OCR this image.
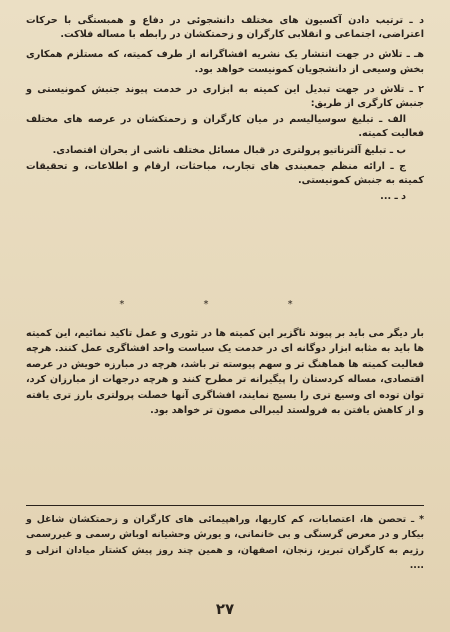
د ـ ترتیب دادن آکسیون های مختلف دانشجوئی در دفاع و همبستگی با حرکات اعتراضی، اجتماعی و انقلابی کارگران و زحمتکشان در رابطه با مساله فلاکت.

هـ ـ تلاش در جهت انتشار یک نشریه افشاگرانه از طرف کمیته، که مستلزم همکاری بخش وسیعی از دانشجویان کمونیست خواهد بود.

۲ ـ تلاش در جهت تبدیل این کمیته به ابزاری در خدمت پیوند جنبش کمونیستی و جنبش کارگری از طریق:

الف ـ تبلیغ سوسیالیسم در میان کارگران و زحمتکشان در عرصه های مختلف فعالیت کمیته.

ب ـ تبلیغ آلترناتیو پرولتری در قبال مسائل مختلف ناشی از بحران اقتصادی.

ج ـ ارائه منظم جمعبندی های تجارب، مباحثات، ارقام و اطلاعات، و تحقیقات کمیته به جنبش کمونیستی.

د ـ ...

* * *

بار دیگر می باید بر پیوند ناگزیر این کمیته ها در تئوری و عمل تاکید نمائیم، این کمیته ها باید به مثابه ابزار دوگانه ای در خدمت یک سیاست واحد افشاگری عمل کنند. هرچه فعالیت کمیته ها هماهنگ تر و سهم پیوسته تر باشد، هرچه در مبارزه خویش در عرصه اقتصادی، مساله کردستان را پیگیرانه تر مطرح کنند و هرچه درجهات از مبارزان کرد، توان توده ای وسیع تری را بسیج نمایند، افشاگری آنها خصلت پرولتری بارز تری یافته و از کاهش یافتن به فرولستد لیبرالی مصون تر خواهد بود.

* ـ تحصن ها، اعتصابات، کم کاریها، وراهپیمائی های کارگران و زحمتکشان شاغل و بیکار و در معرض گرسنگی و بی خانمانی، و یورش وحشیانه اوباش رسمی و غیررسمی رژیم به کارگران تبریز، زنجان، اصفهان، و همین چند روز پیش کشتار میادان انزلی و ....

۲۷
